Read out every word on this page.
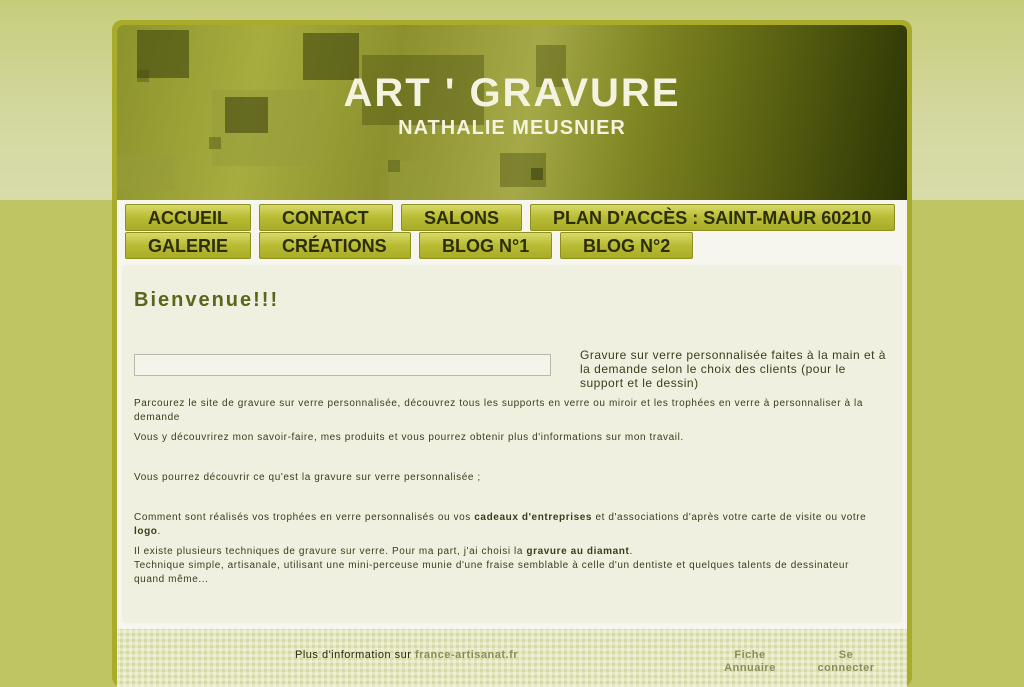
ART ' GRAVURE
NATHALIE MEUSNIER
ACCUEIL	CONTACT	SALONS	PLAN D'ACCÈS : SAINT-MAUR 60210
GALERIE	CRÉATIONS	BLOG N°1	BLOG N°2
Bienvenue!!!
Gravure sur verre personnalisée faites à la main et à la demande selon le choix des clients (pour le support et le dessin)
Parcourez le site de gravure sur verre personnalisée, découvrez tous les supports en verre ou miroir et les trophées en verre à personnaliser à la demande
Vous y découvrirez mon savoir-faire, mes produits et vous pourrez obtenir plus d'informations sur mon travail.
Vous pourrez découvrir ce qu'est la gravure sur verre personnalisée ;
Comment sont réalisés vos trophées en verre personnalisés ou vos cadeaux d'entreprises et d'associations d'après votre carte de visite ou votre logo.
Il existe plusieurs techniques de gravure sur verre. Pour ma part, j'ai choisi la gravure au diamant.
Technique simple, artisanale, utilisant une mini-perceuse munie d'une fraise semblable à celle d'un dentiste et quelques talents de dessinateur quand même...
Plus d'information sur france-artisanat.fr	Fiche
Annuaire
Se
connecter
